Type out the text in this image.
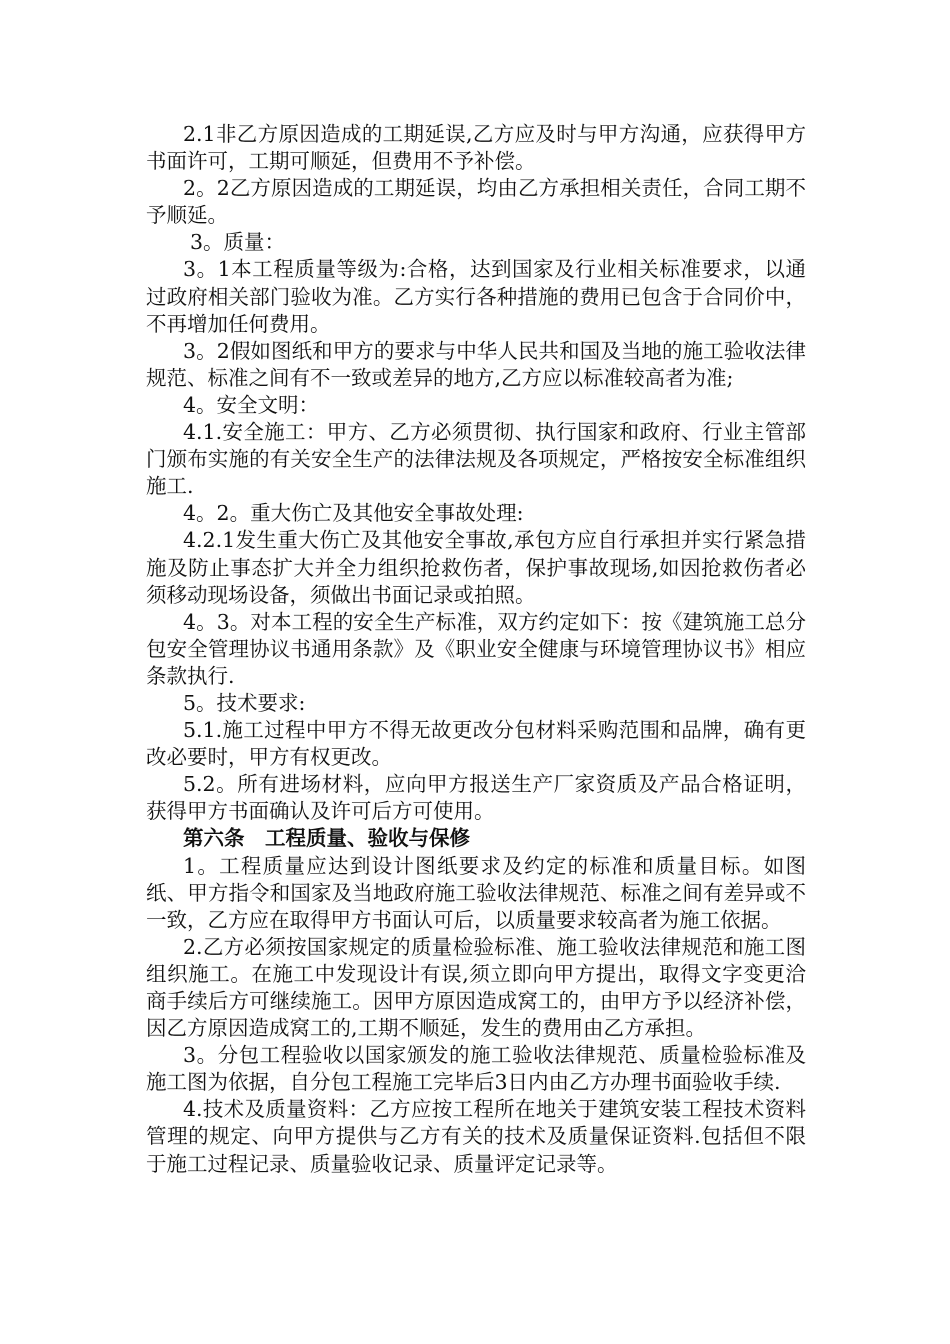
2.1非乙方原因造成的工期延误,乙方应及时与甲方沟通，应获得甲方书面许可，工期可顺延，但费用不予补偿。

2。2乙方原因造成的工期延误，均由乙方承担相关责任，合同工期不予顺延。

3。质量：

3。1本工程质量等级为:合格，达到国家及行业相关标准要求，以通过政府相关部门验收为准。乙方实行各种措施的费用已包含于合同价中，不再增加任何费用。

3。2假如图纸和甲方的要求与中华人民共和国及当地的施工验收法律规范、标准之间有不一致或差异的地方,乙方应以标准较高者为准;

4。安全文明：

4.1.安全施工：甲方、乙方必须贯彻、执行国家和政府、行业主管部门颁布实施的有关安全生产的法律法规及各项规定，严格按安全标准组织施工.

4。2。重大伤亡及其他安全事故处理:

4.2.1发生重大伤亡及其他安全事故,承包方应自行承担并实行紧急措施及防止事态扩大并全力组织抢救伤者，保护事故现场,如因抢救伤者必须移动现场设备，须做出书面记录或拍照。

4。3。对本工程的安全生产标准，双方约定如下：按《建筑施工总分包安全管理协议书通用条款》及《职业安全健康与环境管理协议书》相应条款执行.

5。技术要求:

5.1.施工过程中甲方不得无故更改分包材料采购范围和品牌，确有更改必要时，甲方有权更改。

5.2。所有进场材料，应向甲方报送生产厂家资质及产品合格证明，获得甲方书面确认及许可后方可使用。

第六条　工程质量、验收与保修

1。工程质量应达到设计图纸要求及约定的标准和质量目标。如图纸、甲方指令和国家及当地政府施工验收法律规范、标准之间有差异或不一致，乙方应在取得甲方书面认可后，以质量要求较高者为施工依据。

2.乙方必须按国家规定的质量检验标准、施工验收法律规范和施工图组织施工。在施工中发现设计有误,须立即向甲方提出，取得文字变更洽商手续后方可继续施工。因甲方原因造成窝工的，由甲方予以经济补偿，因乙方原因造成窝工的,工期不顺延，发生的费用由乙方承担。

3。分包工程验收以国家颁发的施工验收法律规范、质量检验标准及施工图为依据，自分包工程施工完毕后3日内由乙方办理书面验收手续.

4.技术及质量资料：乙方应按工程所在地关于建筑安装工程技术资料管理的规定、向甲方提供与乙方有关的技术及质量保证资料.包括但不限于施工过程记录、质量验收记录、质量评定记录等。
